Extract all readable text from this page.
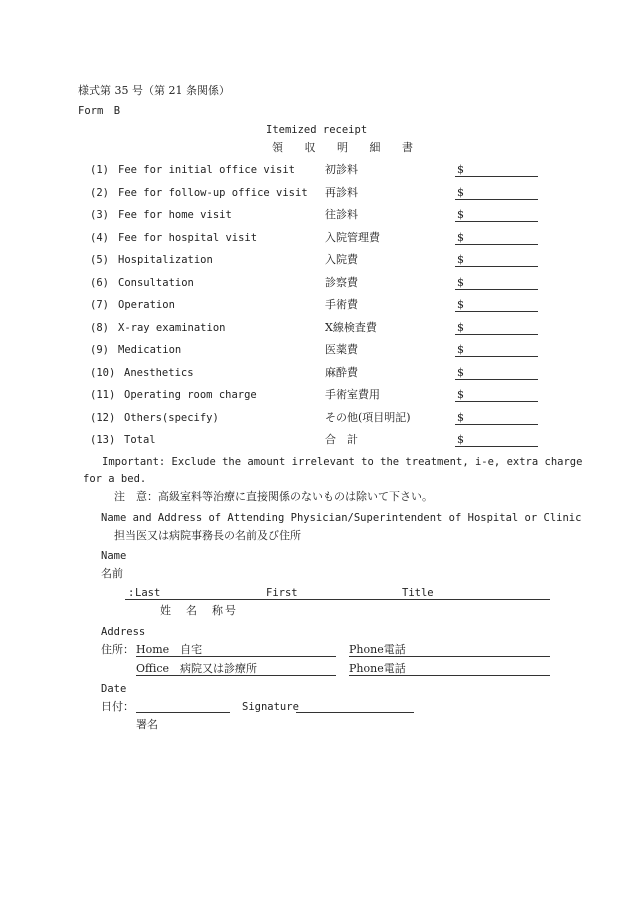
様式第 35 号（第 21 条関係）
Form　B
Itemized receipt
領 収 明 細 書
(1) Fee for initial office visit	初診料	$
(2) Fee for follow-up office visit 再診料	$
(3) Fee for home visit	往診料	$
(4) Fee for hospital visit	入院管理費	$
(5) Hospitalization	入院費	$
(6) Consultation	診察費	$
(7) Operation	手術費	$
(8) X-ray examination	X線検査費	$
(9) Medication	医薬費	$
(10) Anesthetics	麻酔費	$
(11) Operating room charge	手術室費用	$
(12) Others(specify)	その他(項目明記)	$
(13) Total	合　計	$
Important: Exclude the amount irrelevant to the treatment, i-e, extra charge
for a bed.
注　意：高級室料等治療に直接関係のないものは除いて下さい。
Name and Address of Attending Physician/Superintendent of Hospital or Clinic
担当医又は病院事務長の名前及び住所
Name
名前
: Last	First	Title
姓　名　称号
Address
住所： Home　自宅	Phone電話
Office　病院又は診療所	Phone電話
Date
日付：	Signature
署名
